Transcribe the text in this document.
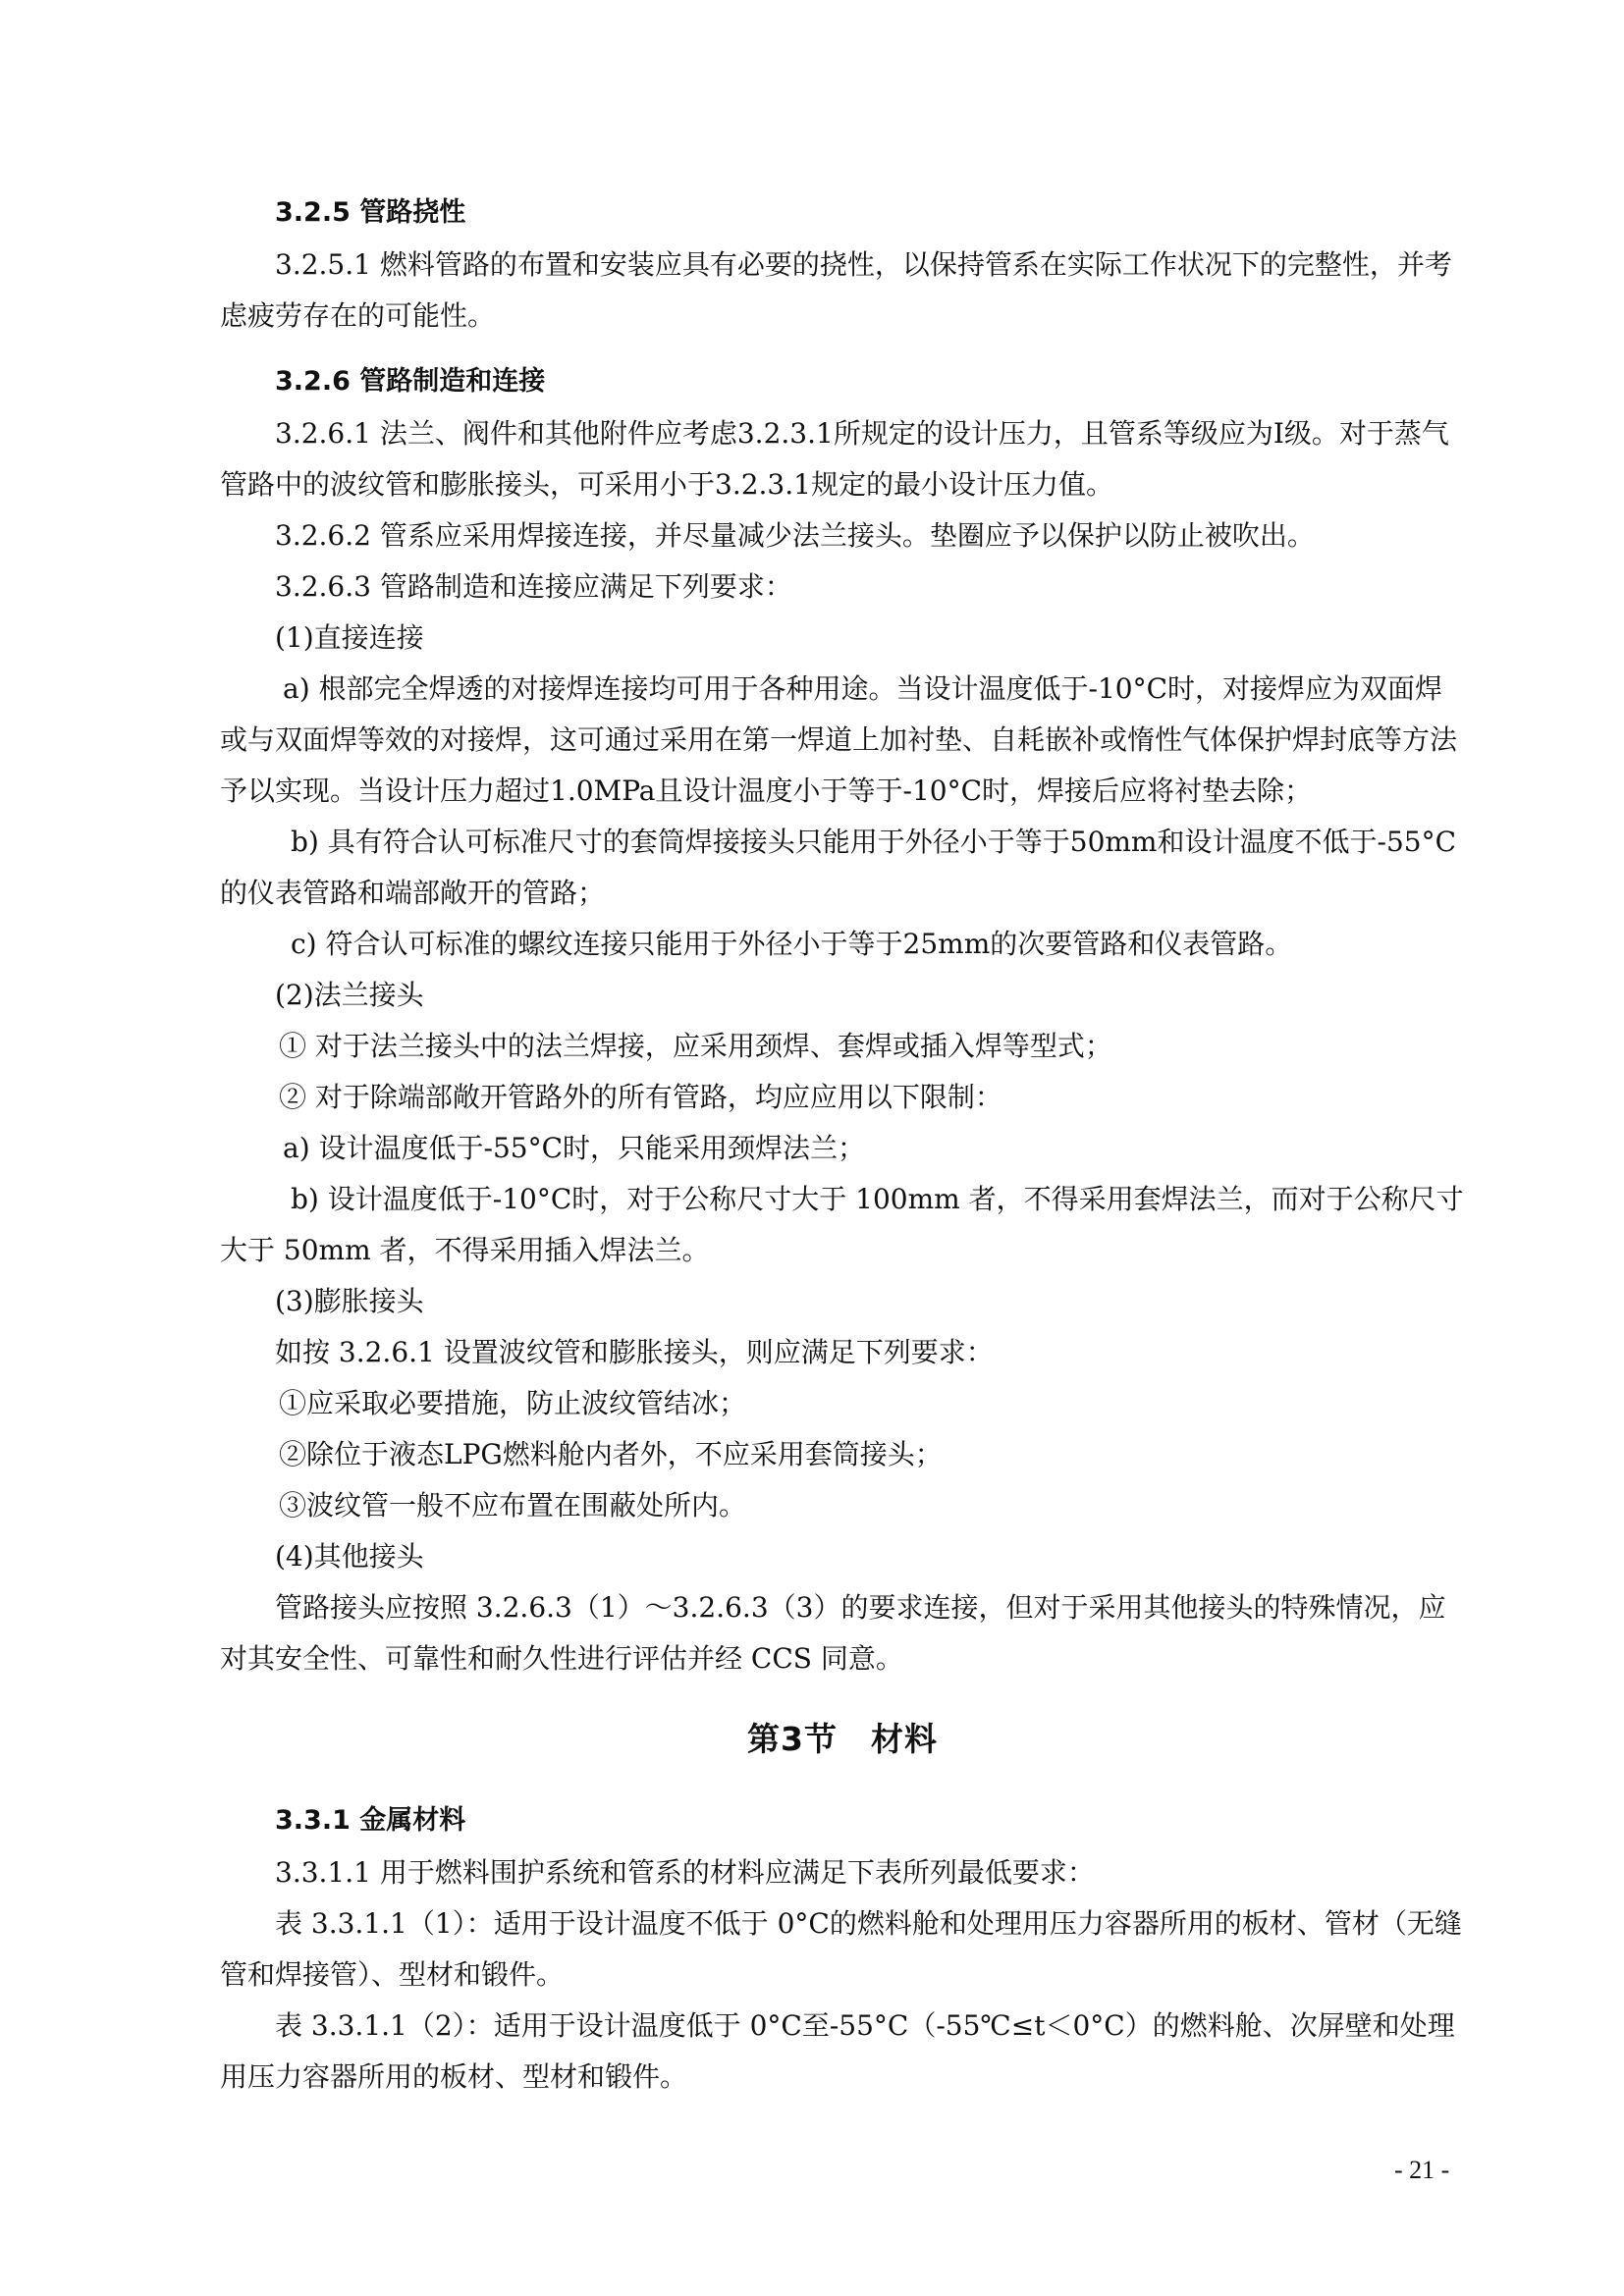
3.2.5 管路挠性
3.2.5.1 燃料管路的布置和安装应具有必要的挠性，以保持管系在实际工作状况下的完整性，并考虑疲劳存在的可能性。
3.2.6 管路制造和连接
3.2.6.1 法兰、阀件和其他附件应考虑3.2.3.1所规定的设计压力，且管系等级应为I级。对于蒸气管路中的波纹管和膨胀接头，可采用小于3.2.3.1规定的最小设计压力值。
3.2.6.2 管系应采用焊接连接，并尽量减少法兰接头。垫圈应予以保护以防止被吹出。
3.2.6.3 管路制造和连接应满足下列要求：
(1)直接连接
a) 根部完全焊透的对接焊连接均可用于各种用途。当设计温度低于-10°C时，对接焊应为双面焊或与双面焊等效的对接焊，这可通过采用在第一焊道上加衬垫、自耗嵌补或惰性气体保护焊封底等方法予以实现。当设计压力超过1.0MPa且设计温度小于等于-10°C时，焊接后应将衬垫去除；
b) 具有符合认可标准尺寸的套筒焊接接头只能用于外径小于等于50mm和设计温度不低于-55°C的仪表管路和端部敞开的管路；
c) 符合认可标准的螺纹连接只能用于外径小于等于25mm的次要管路和仪表管路。
(2)法兰接头
① 对于法兰接头中的法兰焊接，应采用颈焊、套焊或插入焊等型式；
② 对于除端部敞开管路外的所有管路，均应应用以下限制：
a) 设计温度低于-55°C时，只能采用颈焊法兰；
b) 设计温度低于-10°C时，对于公称尺寸大于 100mm 者，不得采用套焊法兰，而对于公称尺寸大于 50mm 者，不得采用插入焊法兰。
(3)膨胀接头
如按 3.2.6.1 设置波纹管和膨胀接头，则应满足下列要求：
①应采取必要措施，防止波纹管结冰；
②除位于液态LPG燃料舱内者外，不应采用套筒接头；
③波纹管一般不应布置在围蔽处所内。
(4)其他接头
管路接头应按照 3.2.6.3（1）～3.2.6.3（3）的要求连接，但对于采用其他接头的特殊情况，应对其安全性、可靠性和耐久性进行评估并经 CCS 同意。
第3节 材料
3.3.1 金属材料
3.3.1.1 用于燃料围护系统和管系的材料应满足下表所列最低要求：
表 3.3.1.1（1）：适用于设计温度不低于 0°C的燃料舱和处理用压力容器所用的板材、管材（无缝管和焊接管）、型材和锻件。
表 3.3.1.1（2）：适用于设计温度低于 0°C至-55°C（-55℃≤t＜0°C）的燃料舱、次屏壁和处理用压力容器所用的板材、型材和锻件。
- 21 -
